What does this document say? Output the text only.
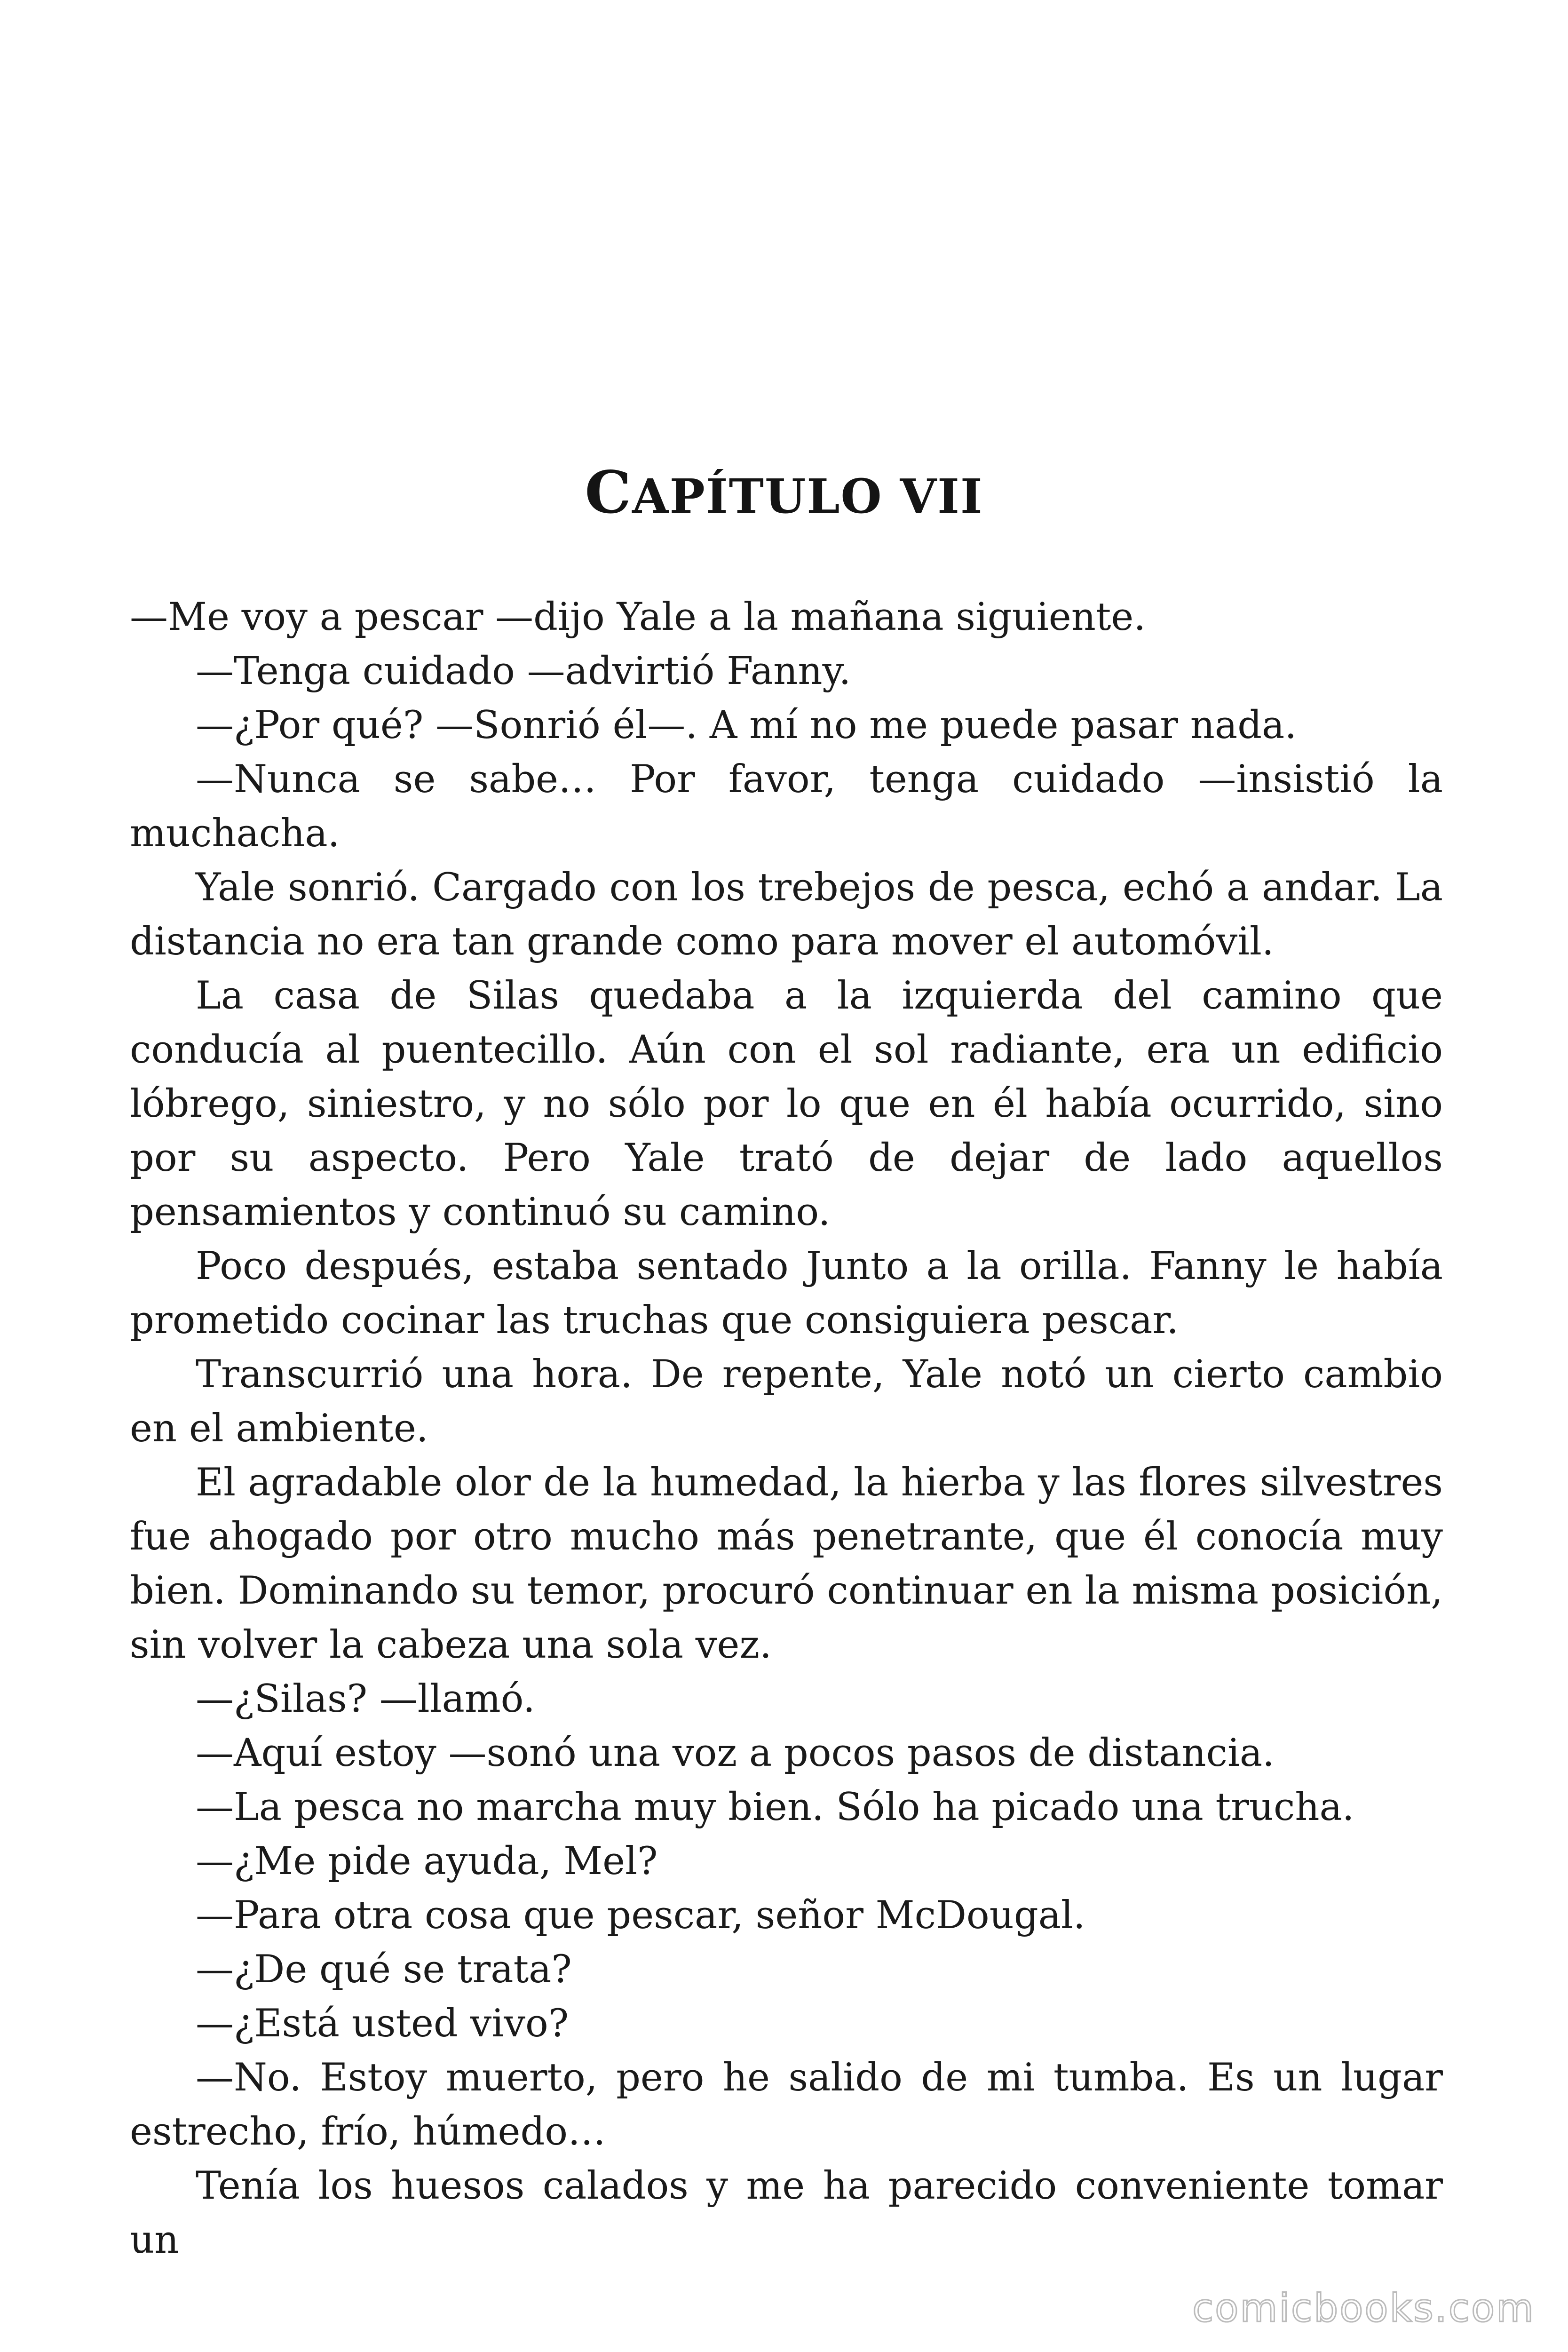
CAPÍTULO VII

—Me voy a pescar —dijo Yale a la mañana siguiente.

—Tenga cuidado —advirtió Fanny.

—¿Por qué? —Sonrió él—. A mí no me puede pasar nada.

—Nunca se sabe… Por favor, tenga cuidado —insistió la muchacha.

Yale sonrió. Cargado con los trebejos de pesca, echó a andar. La distancia no era tan grande como para mover el automóvil.

La casa de Silas quedaba a la izquierda del camino que conducía al puentecillo. Aún con el sol radiante, era un edificio lóbrego, siniestro, y no sólo por lo que en él había ocurrido, sino por su aspecto. Pero Yale trató de dejar de lado aquellos pensamientos y continuó su camino.

Poco después, estaba sentado Junto a la orilla. Fanny le había prometido cocinar las truchas que consiguiera pescar.

Transcurrió una hora. De repente, Yale notó un cierto cambio en el ambiente.

El agradable olor de la humedad, la hierba y las flores silvestres fue ahogado por otro mucho más penetrante, que él conocía muy bien. Dominando su temor, procuró continuar en la misma posición, sin volver la cabeza una sola vez.

—¿Silas? —llamó.

—Aquí estoy —sonó una voz a pocos pasos de distancia.

—La pesca no marcha muy bien. Sólo ha picado una trucha.

—¿Me pide ayuda, Mel?

—Para otra cosa que pescar, señor McDougal.

—¿De qué se trata?

—¿Está usted vivo?

—No. Estoy muerto, pero he salido de mi tumba. Es un lugar estrecho, frío, húmedo…

Tenía los huesos calados y me ha parecido conveniente tomar un

comicbooks.com
